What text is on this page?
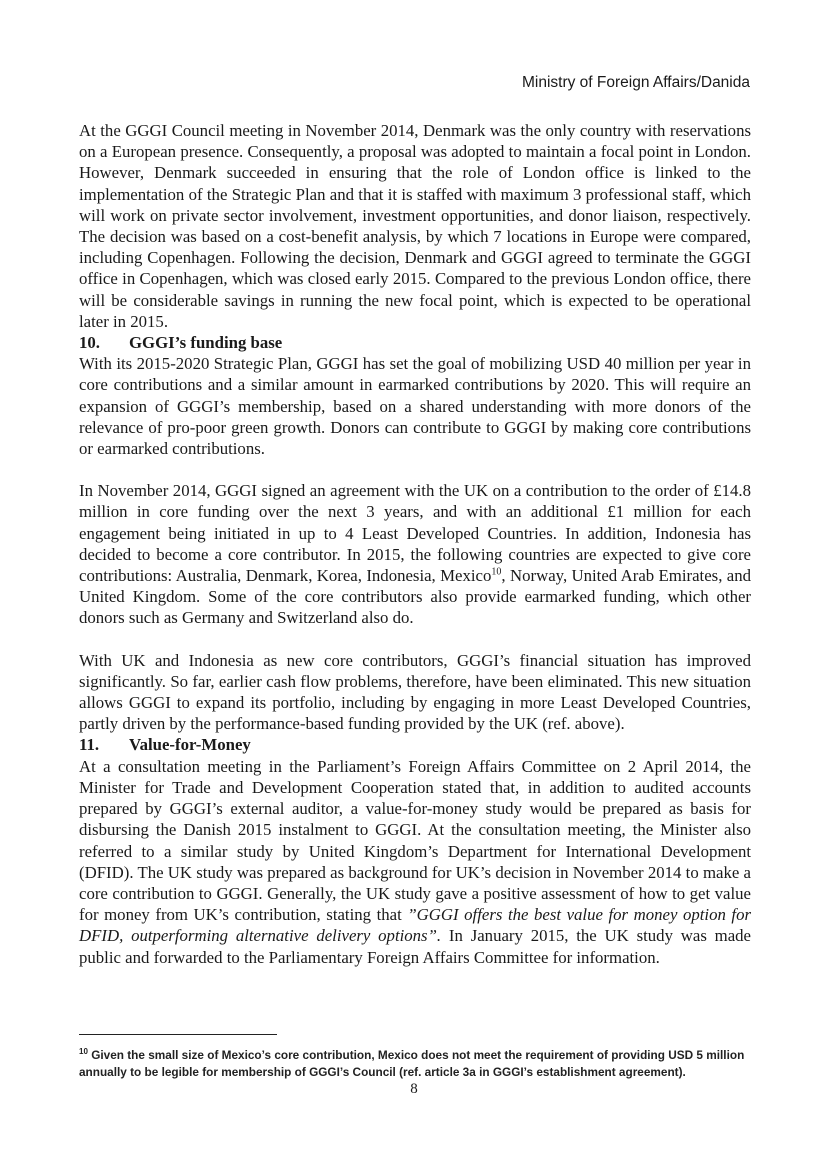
Ministry of Foreign Affairs/Danida

At the GGGI Council meeting in November 2014, Denmark was the only country with reservations on a European presence. Consequently, a proposal was adopted to maintain a focal point in London. However, Denmark succeeded in ensuring that the role of London office is linked to the implementation of the Strategic Plan and that it is staffed with maximum 3 professional staff, which will work on private sector involvement, investment opportunities, and donor liaison, respectively. The decision was based on a cost-benefit analysis, by which 7 locations in Europe were compared, including Copenhagen. Following the decision, Denmark and GGGI agreed to terminate the GGGI office in Copenhagen, which was closed early 2015. Compared to the previous London office, there will be considerable savings in running the new focal point, which is expected to be operational later in 2015.

10. GGGI’s funding base

With its 2015-2020 Strategic Plan, GGGI has set the goal of mobilizing USD 40 million per year in core contributions and a similar amount in earmarked contributions by 2020. This will require an expansion of GGGI’s membership, based on a shared understanding with more donors of the relevance of pro-poor green growth. Donors can contribute to GGGI by making core contributions or earmarked contributions.

In November 2014, GGGI signed an agreement with the UK on a contribution to the order of £14.8 million in core funding over the next 3 years, and with an additional £1 million for each engagement being initiated in up to 4 Least Developed Countries. In addition, Indonesia has decided to become a core contributor. In 2015, the following countries are expected to give core contributions: Australia, Denmark, Korea, Indonesia, Mexico$^{10}$, Norway, United Arab Emirates, and United Kingdom. Some of the core contributors also provide earmarked funding, which other donors such as Germany and Switzerland also do.

With UK and Indonesia as new core contributors, GGGI’s financial situation has improved significantly. So far, earlier cash flow problems, therefore, have been eliminated. This new situation allows GGGI to expand its portfolio, including by engaging in more Least Developed Countries, partly driven by the performance-based funding provided by the UK (ref. above).

11. Value-for-Money

At a consultation meeting in the Parliament’s Foreign Affairs Committee on 2 April 2014, the Minister for Trade and Development Cooperation stated that, in addition to audited accounts prepared by GGGI’s external auditor, a value-for-money study would be prepared as basis for disbursing the Danish 2015 instalment to GGGI. At the consultation meeting, the Minister also referred to a similar study by United Kingdom’s Department for International Development (DFID). The UK study was prepared as background for UK’s decision in November 2014 to make a core contribution to GGGI. Generally, the UK study gave a positive assessment of how to get value for money from UK’s contribution, stating that ”GGGI offers the best value for money option for DFID, outperforming alternative delivery options”. In January 2015, the UK study was made public and forwarded to the Parliamentary Foreign Affairs Committee for information.

$^{10}$ Given the small size of Mexico’s core contribution, Mexico does not meet the requirement of providing USD 5 million annually to be legible for membership of GGGI’s Council (ref. article 3a in GGGI’s establishment agreement).
8
